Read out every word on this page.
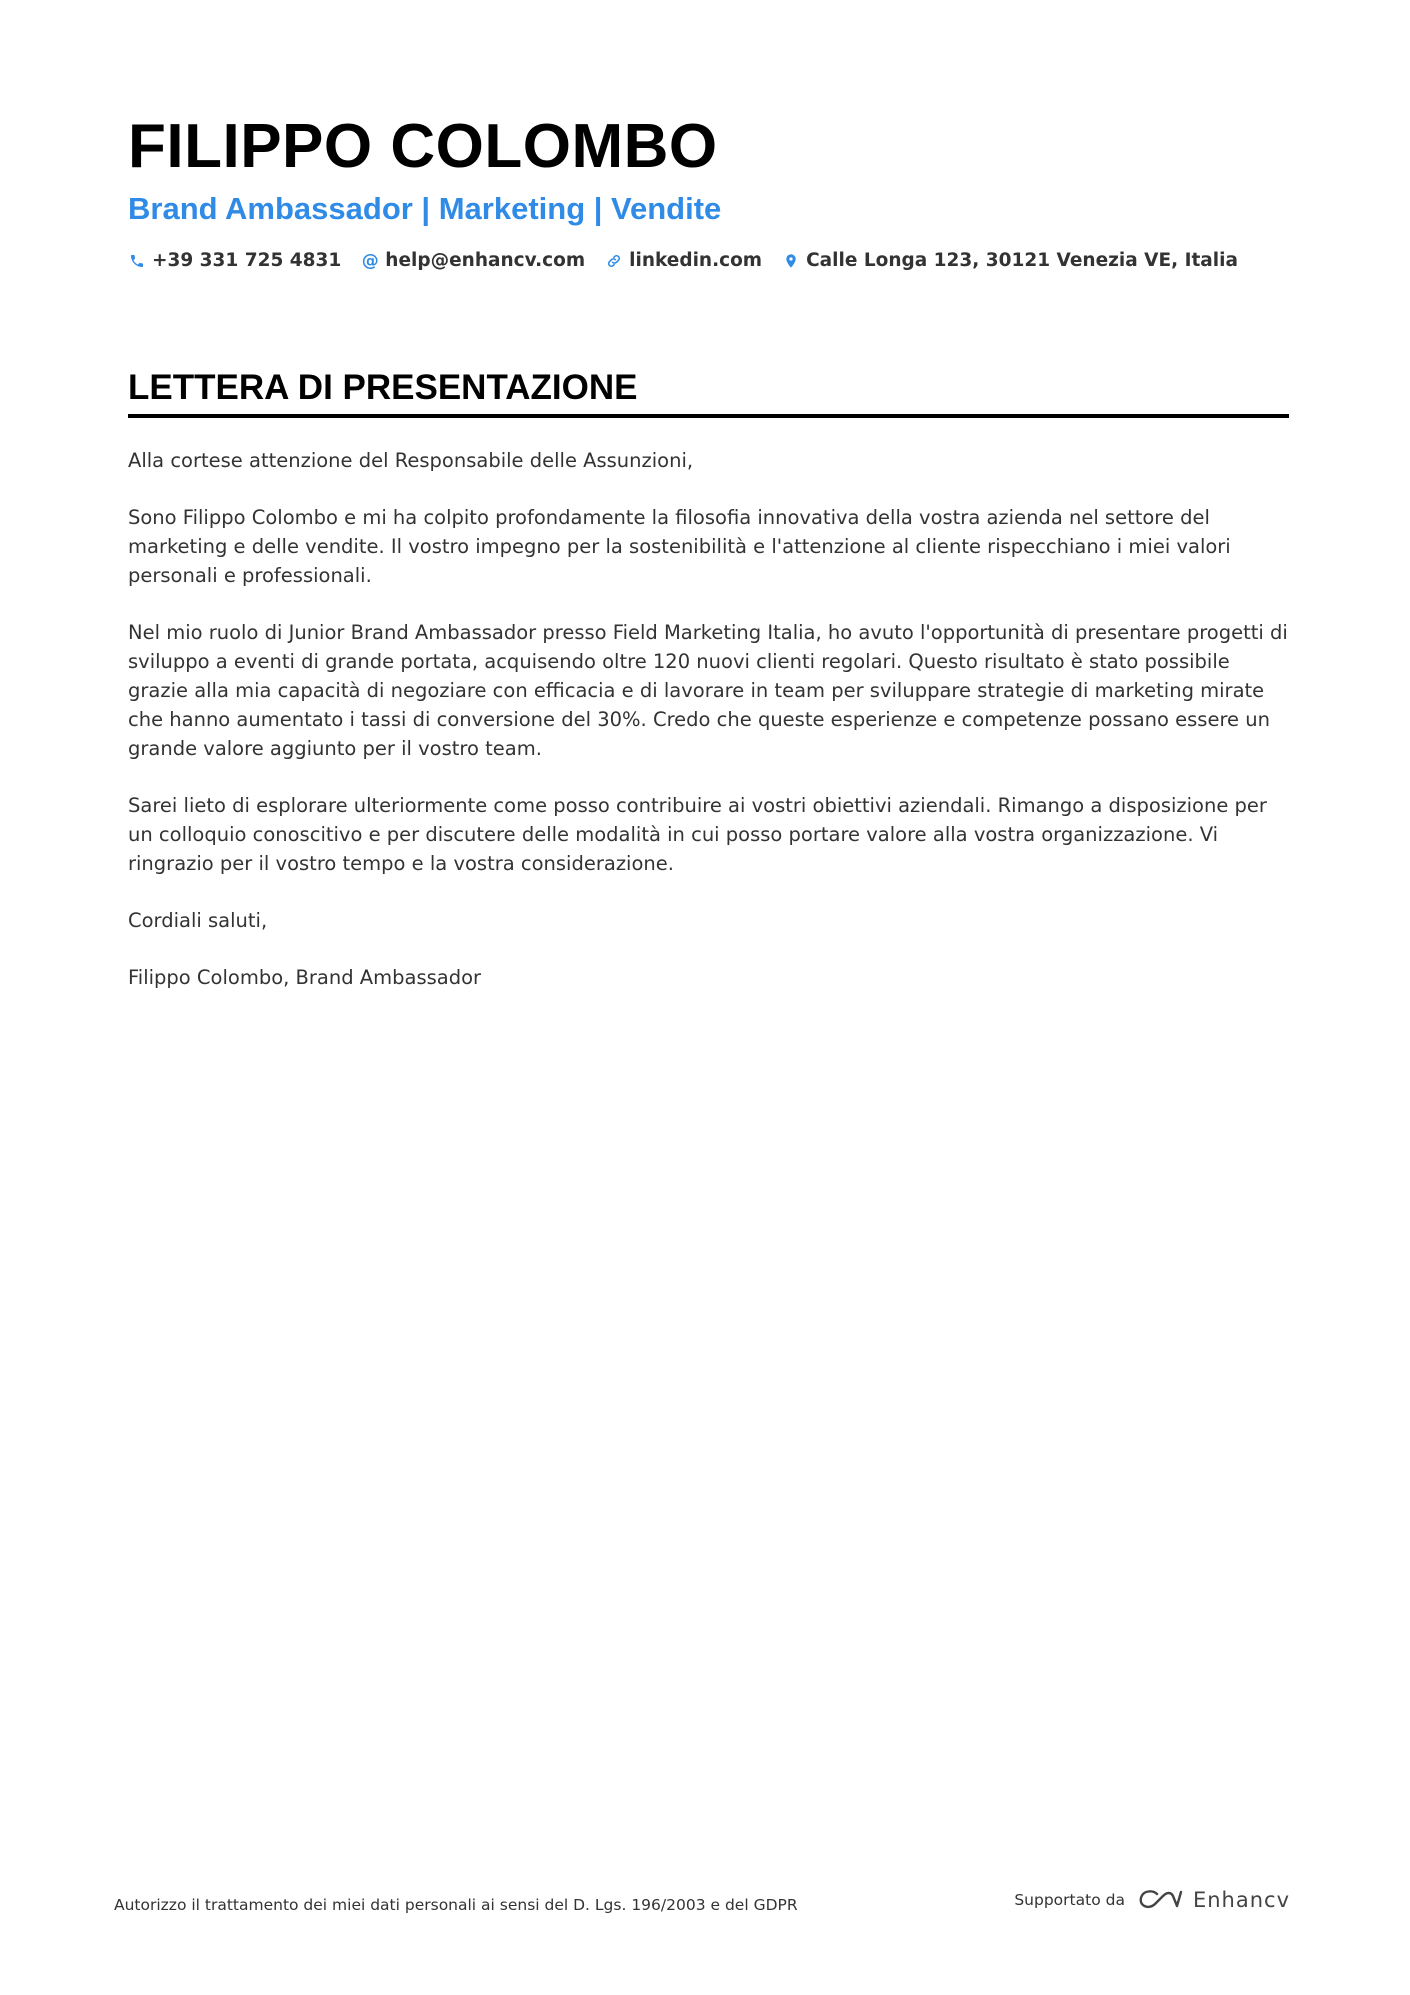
FILIPPO COLOMBO
Brand Ambassador | Marketing | Vendite
+39 331 725 4831 @ help@enhancv.com linkedin.com Calle Longa 123, 30121 Venezia VE, Italia
LETTERA DI PRESENTAZIONE

Alla cortese attenzione del Responsabile delle Assunzioni,

Sono Filippo Colombo e mi ha colpito profondamente la filosofia innovativa della vostra azienda nel settore del marketing e delle vendite. Il vostro impegno per la sostenibilità e l'attenzione al cliente rispecchiano i miei valori personali e professionali.

Nel mio ruolo di Junior Brand Ambassador presso Field Marketing Italia, ho avuto l'opportunità di presentare progetti di sviluppo a eventi di grande portata, acquisendo oltre 120 nuovi clienti regolari. Questo risultato è stato possibile grazie alla mia capacità di negoziare con efficacia e di lavorare in team per sviluppare strategie di marketing mirate che hanno aumentato i tassi di conversione del 30%. Credo che queste esperienze e competenze possano essere un grande valore aggiunto per il vostro team.

Sarei lieto di esplorare ulteriormente come posso contribuire ai vostri obiettivi aziendali. Rimango a disposizione per un colloquio conoscitivo e per discutere delle modalità in cui posso portare valore alla vostra organizzazione. Vi ringrazio per il vostro tempo e la vostra considerazione.

Cordiali saluti,

Filippo Colombo, Brand Ambassador

Autorizzo il trattamento dei miei dati personali ai sensi del D. Lgs. 196/2003 e del GDPR	Supportato da	Enhancv
